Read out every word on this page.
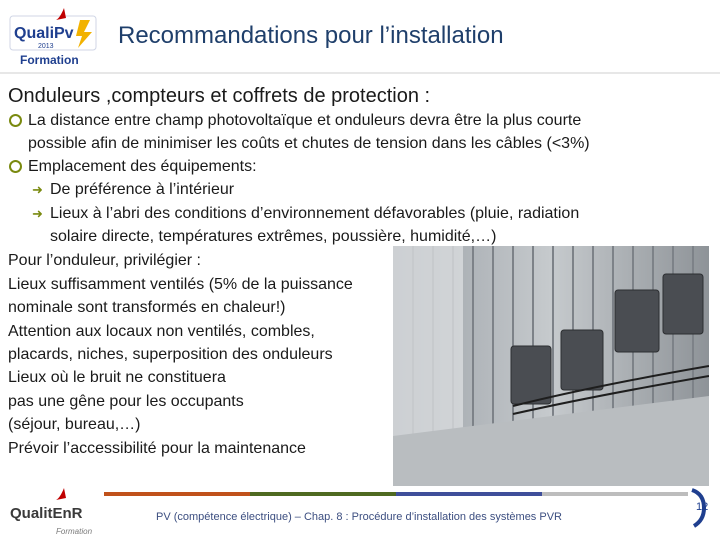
QualiPv
2013
Formation
Recommandations pour l’installation
Onduleurs ,compteurs et coffrets de protection :
La distance entre champ photovoltaïque et onduleurs devra être la plus courte
possible afin de minimiser les coûts et chutes de tension dans les câbles (<3%)
Emplacement des équipements:
➜ De préférence à l’intérieur
➜ Lieux à l’abri des conditions d’environnement défavorables (pluie, radiation
solaire directe, températures extrêmes, poussière, humidité,…)
Pour l’onduleur, privilégier :
Lieux suffisamment ventilés (5% de la puissance
nominale sont transformés en chaleur!)
Attention aux locaux non ventilés, combles,
placards, niches, superposition des onduleurs
Lieux où le bruit ne constituera
pas une gêne pour les occupants
(séjour, bureau,…)
Prévoir l’accessibilité pour la maintenance
QualitEnR
Formation
PV (compétence électrique) – Chap. 8 : Procédure d’installation des systèmes PVR
12
